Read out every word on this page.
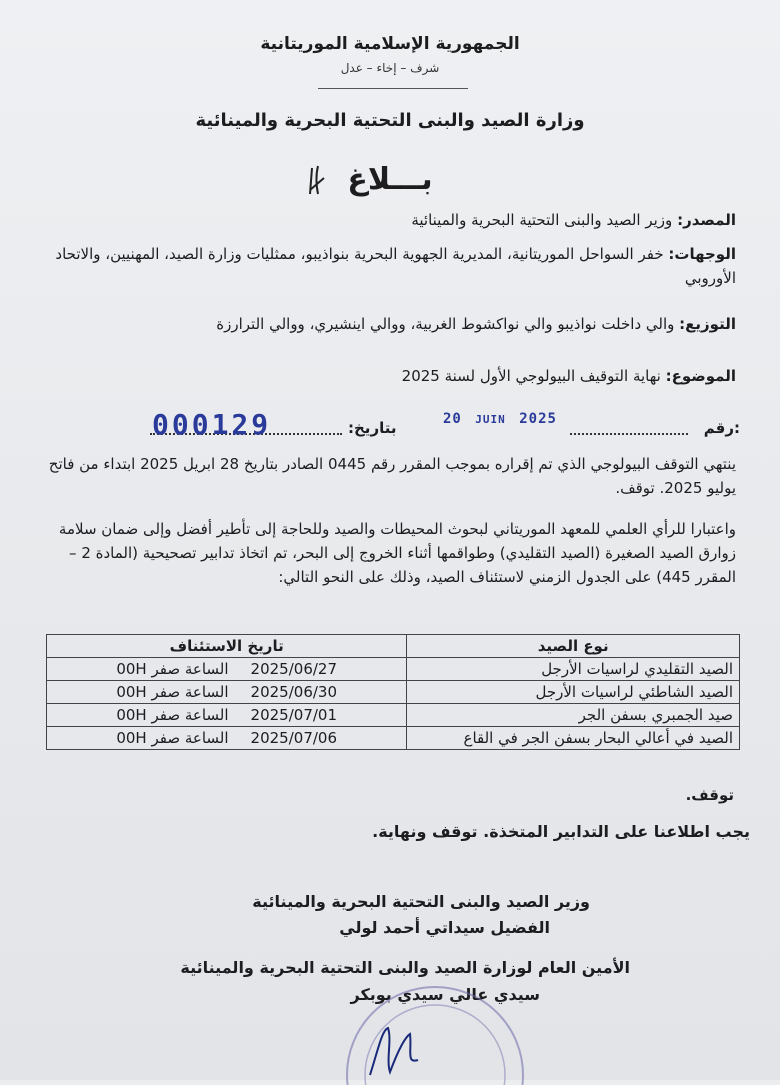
الجمهورية الإسلامية الموريتانية
شرف – إخاء – عدل
وزارة الصيد والبنى التحتية البحرية والمينائية
بـــلاغ
المصدر: وزير الصيد والبنى التحتية البحرية والمينائية
الوجهات: خفر السواحل الموريتانية، المديرية الجهوية البحرية بنواذيبو، ممثليات وزارة الصيد، المهنيين، والاتحاد الأوروبي
التوزيع: والي داخلت نواذيبو والي نواكشوط الغربية، ووالي اينشيري، ووالي الترارزة
الموضوع: نهاية التوقيف البيولوجي الأول لسنة 2025
رقم:
بتاريخ:	20 JUIN 2025
000129
ينتهي التوقف البيولوجي الذي تم إقراره بموجب المقرر رقم 0445 الصادر بتاريخ 28 ابريل 2025 ابتداء من فاتح يوليو 2025. توقف.
واعتبارا للرأي العلمي للمعهد الموريتاني لبحوث المحيطات والصيد وللحاجة إلى تأطير أفضل وإلى ضمان سلامة زوارق الصيد الصغيرة (الصيد التقليدي) وطواقمها أثناء الخروج إلى البحر، تم اتخاذ تدابير تصحيحية (المادة 2 – المقرر 445) على الجدول الزمني لاستئناف الصيد، وذلك على النحو التالي:
نوع الصيد	تاريخ الاستئناف
الصيد التقليدي لراسيات الأرجل	2025/06/27الساعة صفر 00H
الصيد الشاطئي لراسيات الأرجل	2025/06/30الساعة صفر 00H
صيد الجمبري بسفن الجر	2025/07/01الساعة صفر 00H
الصيد في أعالي البحار بسفن الجر في القاع	2025/07/06الساعة صفر 00H
توقف.
يجب اطلاعنا على التدابير المتخذة. توقف ونهاية.
وزير الصيد والبنى التحتية البحرية والمينائية
الفضيل سيداتي أحمد لولي
الأمين العام لوزارة الصيد والبنى التحتية البحرية والمينائية
سيدي عالي سيدي بوبكر
